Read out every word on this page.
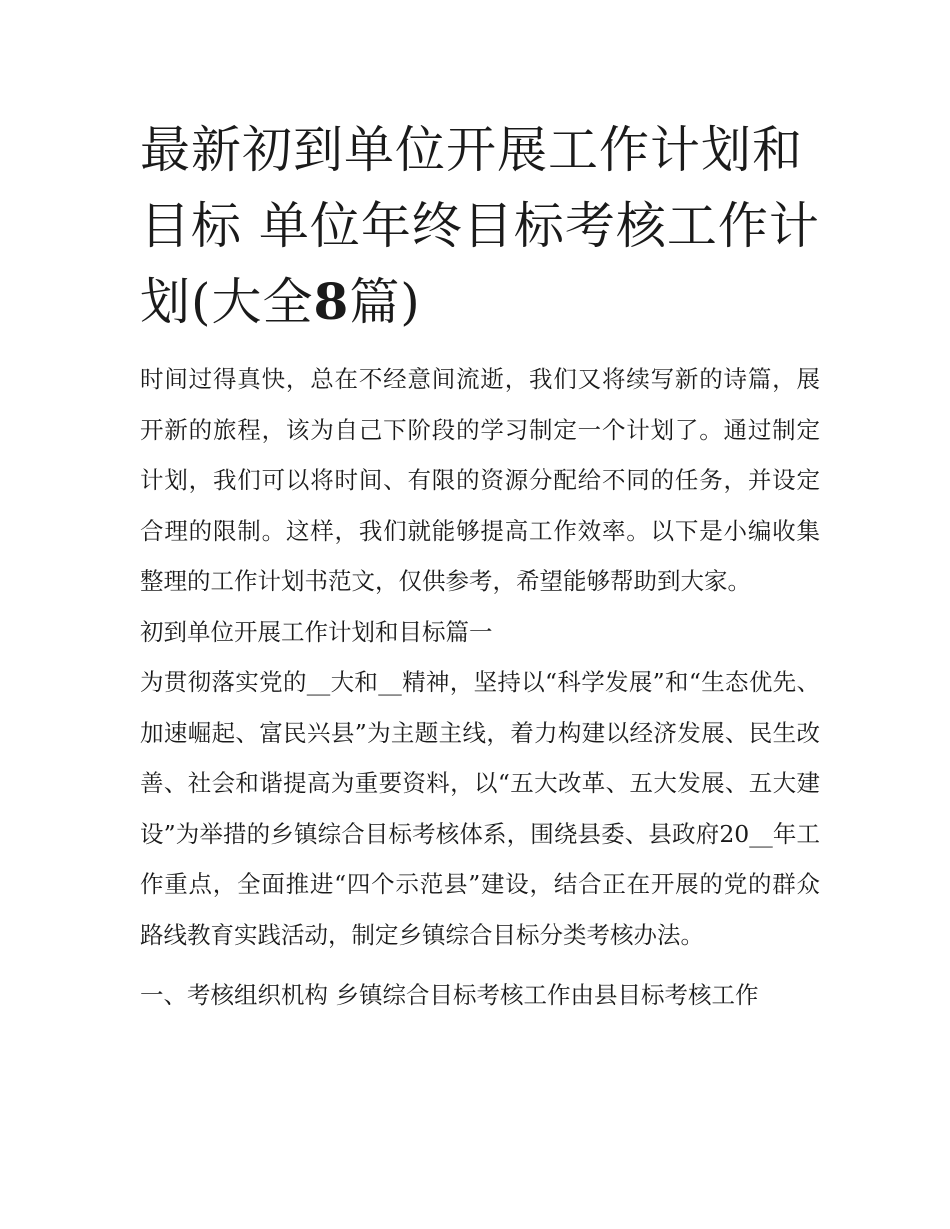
最新初到单位开展工作计划和目标 单位年终目标考核工作计划(大全8篇)

时间过得真快，总在不经意间流逝，我们又将续写新的诗篇，展开新的旅程，该为自己下阶段的学习制定一个计划了。通过制定计划，我们可以将时间、有限的资源分配给不同的任务，并设定合理的限制。这样，我们就能够提高工作效率。以下是小编收集整理的工作计划书范文，仅供参考，希望能够帮助到大家。

初到单位开展工作计划和目标篇一

为贯彻落实党的__大和__精神，坚持以“科学发展”和“生态优先、加速崛起、富民兴县”为主题主线，着力构建以经济发展、民生改善、社会和谐提高为重要资料，以“五大改革、五大发展、五大建设”为举措的乡镇综合目标考核体系，围绕县委、县政府20__年工作重点，全面推进“四个示范县”建设，结合正在开展的党的群众路线教育实践活动，制定乡镇综合目标分类考核办法。

一、考核组织机构 乡镇综合目标考核工作由县目标考核工作
